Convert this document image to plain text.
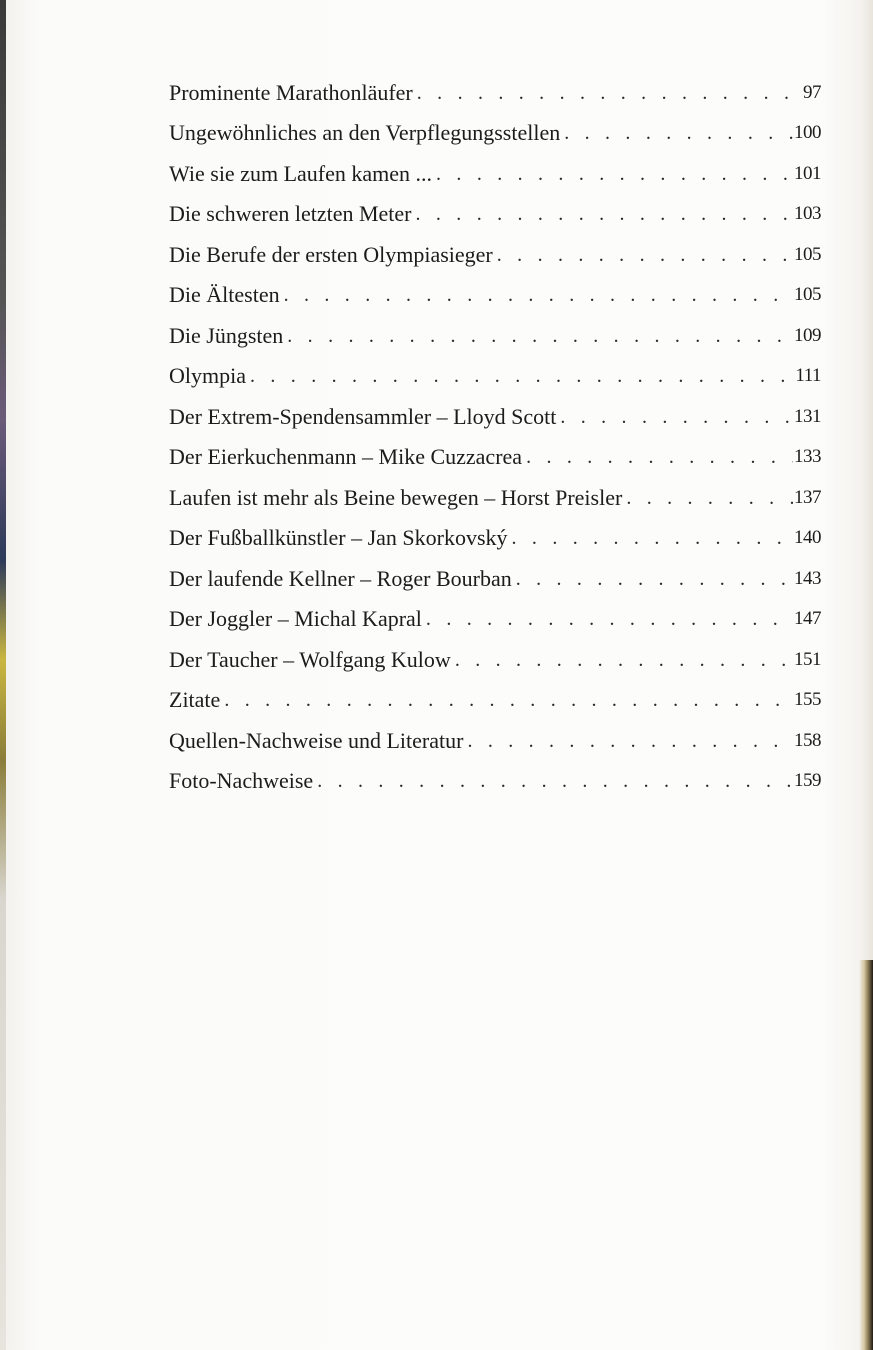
Prominente Marathonläufer . . .	97
Ungewöhnliches an den Verpflegungsstellen . . .	100
Wie sie zum Laufen kamen ... . . .	101
Die schweren letzten Meter . . .	103
Die Berufe der ersten Olympiasieger . . .	105
Die Ältesten . . .	105
Die Jüngsten . . .	109
Olympia . . .	111
Der Extrem-Spendensammler – Lloyd Scott . . .	131
Der Eierkuchenmann – Mike Cuzzacrea . . .	133
Laufen ist mehr als Beine bewegen – Horst Preisler . . .	137
Der Fußballkünstler – Jan Skorkovský . . .	140
Der laufende Kellner – Roger Bourban . . .	143
Der Joggler – Michal Kapral . . .	147
Der Taucher – Wolfgang Kulow . . .	151
Zitate . . .	155
Quellen-Nachweise und Literatur . . .	158
Foto-Nachweise . . .	159
